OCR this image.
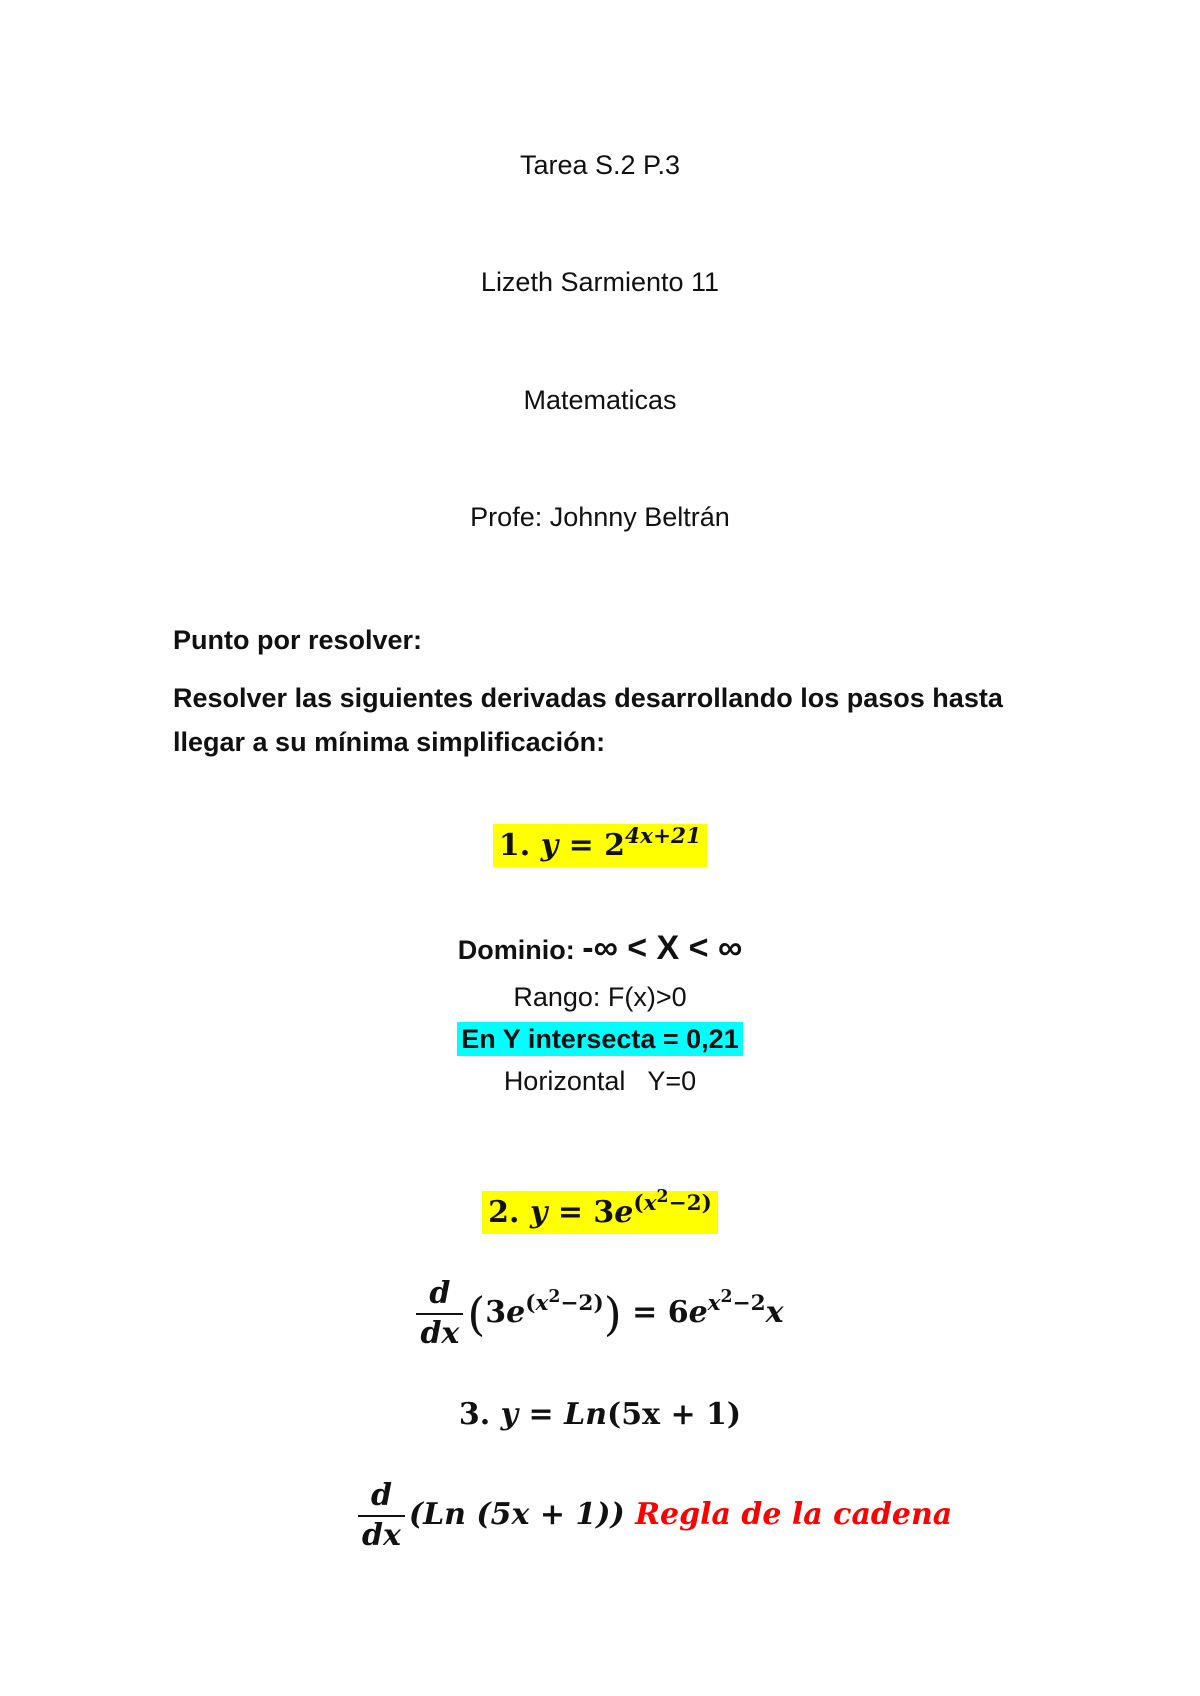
Tarea S.2 P.3
Lizeth Sarmiento 11
Matematicas
Profe: Johnny Beltrán
Punto por resolver:
Resolver las siguientes derivadas desarrollando los pasos hasta
llegar a su mínima simplificación:
1. $y = 2^{4x+21}$
Dominio: -∞ < X < ∞
Rango: F(x)>0
En Y intersecta = 0,21
Horizontal   Y=0
2. $y = 3e^{(x^2-2)}$
$\frac{d}{dx} (3e^{(x^2-2)}) = 6e^{x^2-2}x$
3. y = Ln(5x + 1)
$\frac{d}{dx} (Ln$ (5x + 1)) Regla de la cadena
